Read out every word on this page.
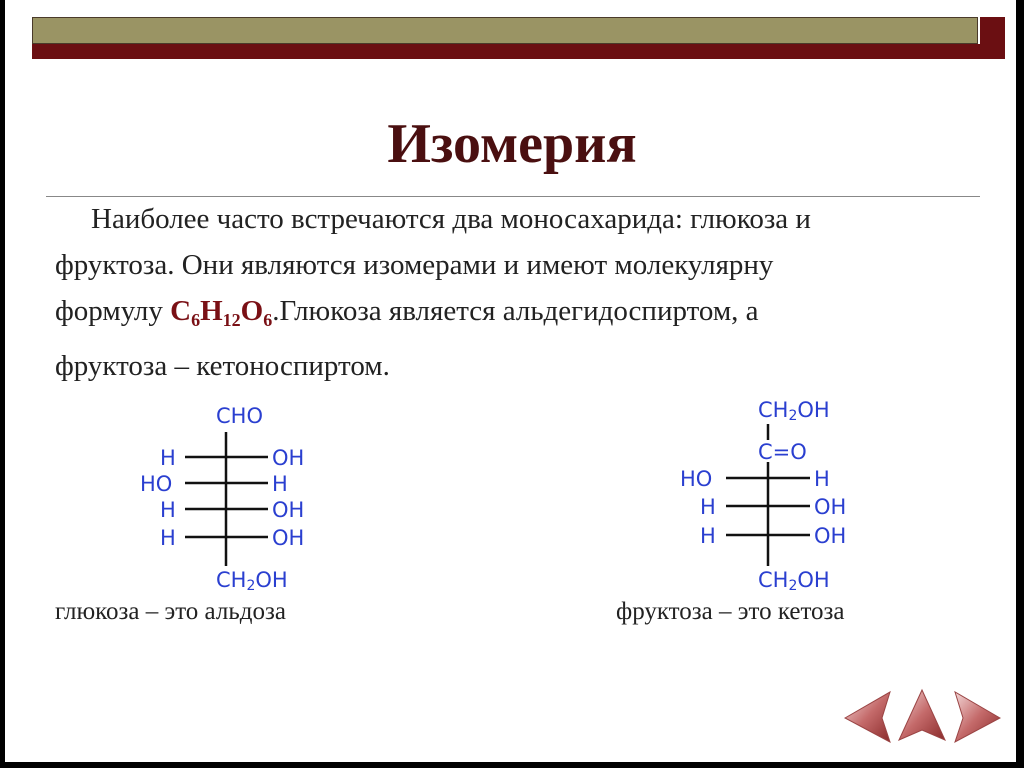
Изомерия

Наиболее часто встречаются два моносахарида: глюкоза и

фруктоза. Они являются изомерами и имеют молекулярну

формулу $С_6Н_{12}О_6.Глюкоза$ является альдегидоспиртом, а

фруктоза – кетоноспиртом.

CHO
H	OH
HO	H
H	OH
H	OH
$CH_2OH$
$CH_2OH$
C=O
HO	H
H	OH
H	OH
$CH_2OH$
глюкоза – это альдоза	фруктоза – это кетоза
